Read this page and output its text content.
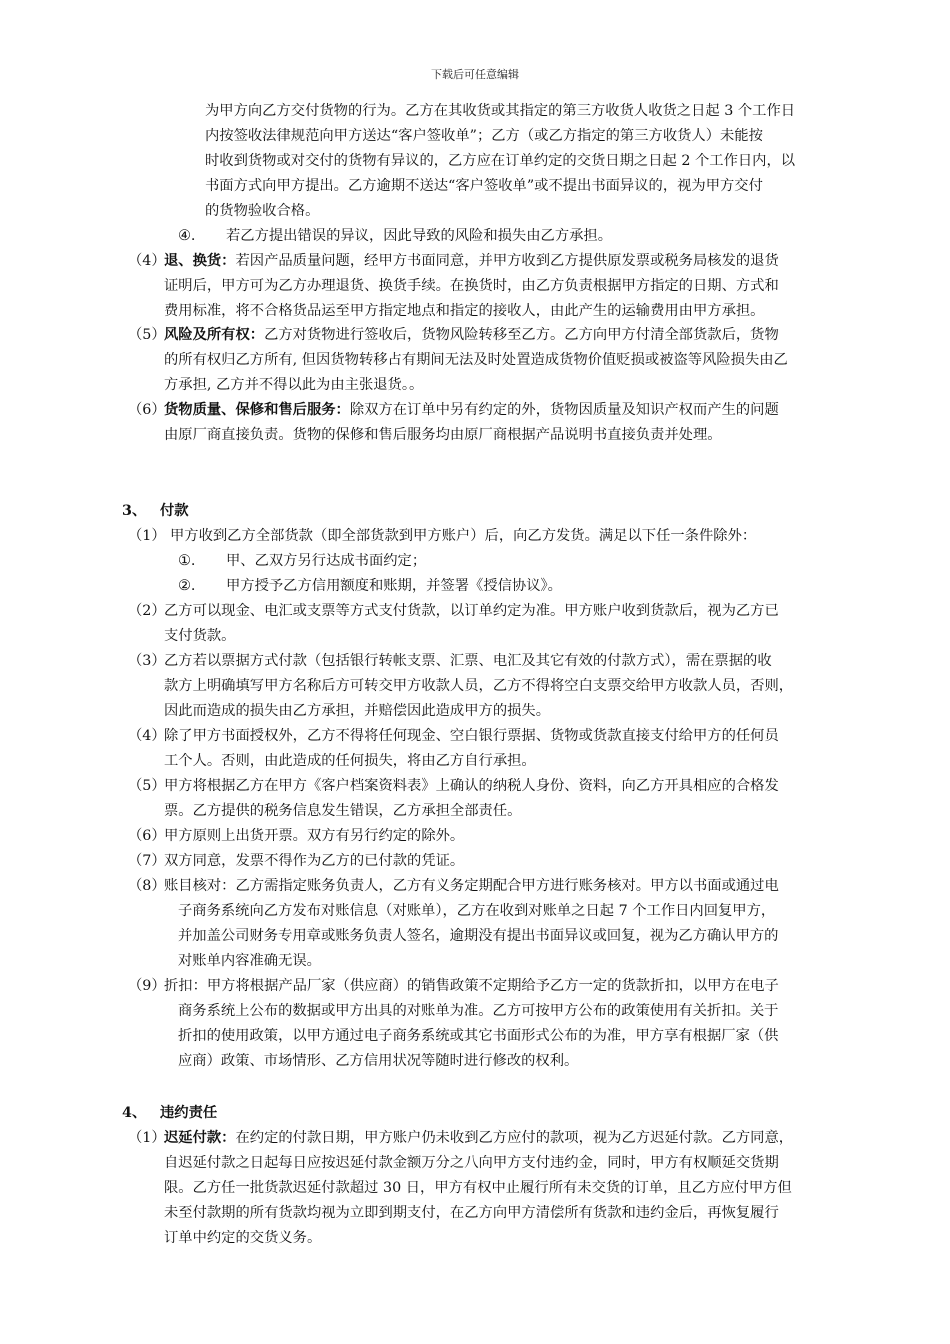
下载后可任意编辑
为甲方向乙方交付货物的行为。乙方在其收货或其指定的第三方收货人收货之日起 3 个工作日
内按签收法律规范向甲方送达“客户签收单”；乙方（或乙方指定的第三方收货人）未能按
时收到货物或对交付的货物有异议的，乙方应在订单约定的交货日期之日起 2 个工作日内，以
书面方式向甲方提出。乙方逾期不送达“客户签收单”或不提出书面异议的，视为甲方交付
的货物验收合格。
④. 若乙方提出错误的异议，因此导致的风险和损失由乙方承担。
（4）
退、换货：若因产品质量问题，经甲方书面同意，并甲方收到乙方提供原发票或税务局核发的退货
证明后，甲方可为乙方办理退货、换货手续。在换货时，由乙方负责根据甲方指定的日期、方式和
费用标准，将不合格货品运至甲方指定地点和指定的接收人，由此产生的运输费用由甲方承担。
（5）
风险及所有权：乙方对货物进行签收后，货物风险转移至乙方。乙方向甲方付清全部货款后，货物
的所有权归乙方所有, 但因货物转移占有期间无法及时处置造成货物价值贬损或被盗等风险损失由乙
方承担, 乙方并不得以此为由主张退货。。
（6）
货物质量、保修和售后服务：除双方在订单中另有约定的外，货物因质量及知识产权而产生的问题
由原厂商直接负责。货物的保修和售后服务均由原厂商根据产品说明书直接负责并处理。
3、 付款
（1） 甲方收到乙方全部货款（即全部货款到甲方账户）后，向乙方发货。满足以下任一条件除外：
①. 甲、乙双方另行达成书面约定；
②. 甲方授予乙方信用额度和账期，并签署《授信协议》。
（2）
乙方可以现金、电汇或支票等方式支付货款，以订单约定为准。甲方账户收到货款后，视为乙方已
支付货款。
（3）
乙方若以票据方式付款（包括银行转帐支票、汇票、电汇及其它有效的付款方式），需在票据的收
款方上明确填写甲方名称后方可转交甲方收款人员，乙方不得将空白支票交给甲方收款人员，否则，
因此而造成的损失由乙方承担，并赔偿因此造成甲方的损失。
（4）
除了甲方书面授权外，乙方不得将任何现金、空白银行票据、货物或货款直接支付给甲方的任何员
工个人。否则，由此造成的任何损失，将由乙方自行承担。
（5）
甲方将根据乙方在甲方《客户档案资料表》上确认的纳税人身份、资料，向乙方开具相应的合格发
票。乙方提供的税务信息发生错误，乙方承担全部责任。
（6）
甲方原则上出货开票。双方有另行约定的除外。
（7）
双方同意，发票不得作为乙方的已付款的凭证。
（8）
账目核对：乙方需指定账务负责人，乙方有义务定期配合甲方进行账务核对。甲方以书面或通过电
子商务系统向乙方发布对账信息（对账单），乙方在收到对账单之日起 7 个工作日内回复甲方，
并加盖公司财务专用章或账务负责人签名，逾期没有提出书面异议或回复，视为乙方确认甲方的
对账单内容准确无误。
（9）
折扣：甲方将根据产品厂家（供应商）的销售政策不定期给予乙方一定的货款折扣，以甲方在电子
商务系统上公布的数据或甲方出具的对账单为准。乙方可按甲方公布的政策使用有关折扣。关于
折扣的使用政策，以甲方通过电子商务系统或其它书面形式公布的为准，甲方享有根据厂家（供
应商）政策、市场情形、乙方信用状况等随时进行修改的权利。
4、 违约责任
（1）
迟延付款：在约定的付款日期，甲方账户仍未收到乙方应付的款项，视为乙方迟延付款。乙方同意，
自迟延付款之日起每日应按迟延付款金额万分之八向甲方支付违约金，同时，甲方有权顺延交货期
限。乙方任一批货款迟延付款超过 30 日，甲方有权中止履行所有未交货的订单，且乙方应付甲方但
未至付款期的所有货款均视为立即到期支付，在乙方向甲方清偿所有货款和违约金后，再恢复履行
订单中约定的交货义务。
